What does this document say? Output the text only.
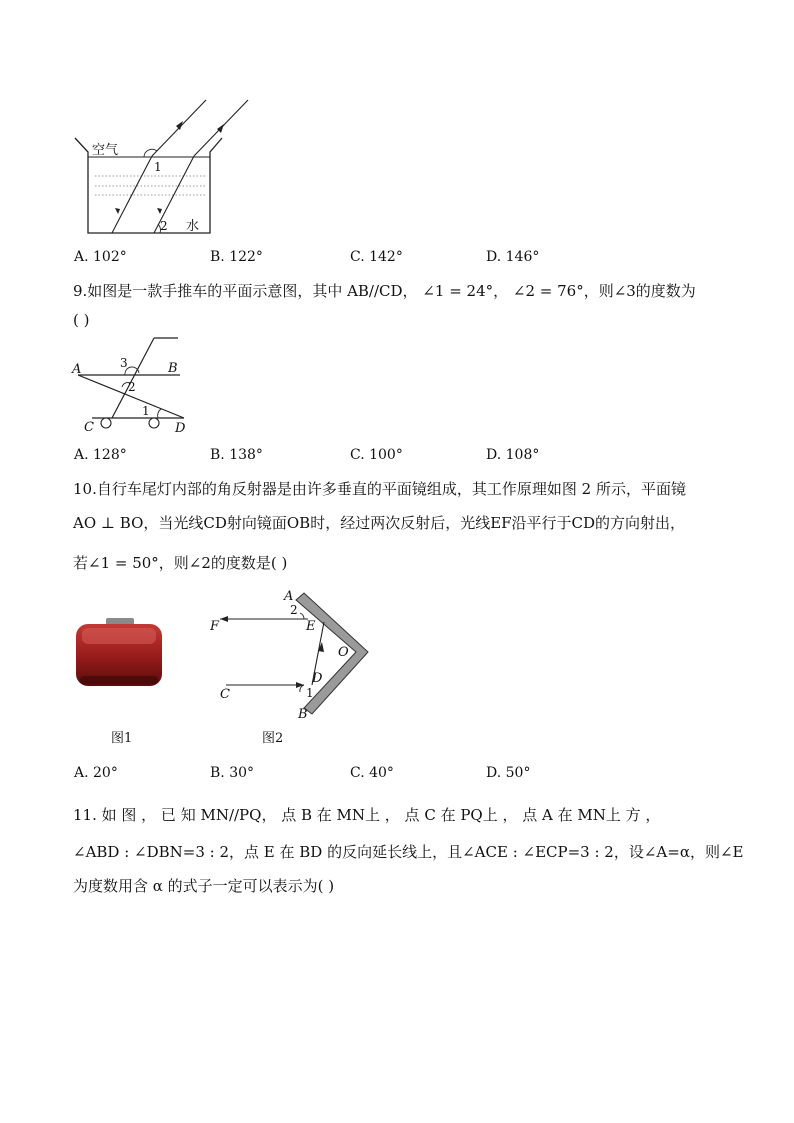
空气
1
2 水
A. 102°	B. 122°	C. 142°	D. 146°
9.如图是一款手推车的平面示意图，其中 AB//CD， ∠1 = 24°， ∠2 = 76°，则∠3的度数为
( )
A	B
C	D
3
2
1
A. 128°	B. 138°	C. 100°	D. 108°
10.自行车尾灯内部的角反射器是由许多垂直的平面镜组成，其工作原理如图 2 所示，平面镜
AO ⊥ BO，当光线CD射向镜面OB时，经过两次反射后，光线EF沿平行于CD的方向射出，
若∠1 = 50°，则∠2的度数是( )
图1
A
2
F	E
O
D
C	1
B
图2
A. 20°	B. 30°	C. 40°	D. 50°
11. 如 图 ， 已 知 MN//PQ， 点 B 在 MN上 ， 点 C 在 PQ上 ， 点 A 在 MN上 方 ，
∠ABD : ∠DBN=3 : 2，点 E 在 BD 的反向延长线上，且∠ACE : ∠ECP=3 : 2，设∠A=α，则∠E
为度数用含 α 的式子一定可以表示为( )
